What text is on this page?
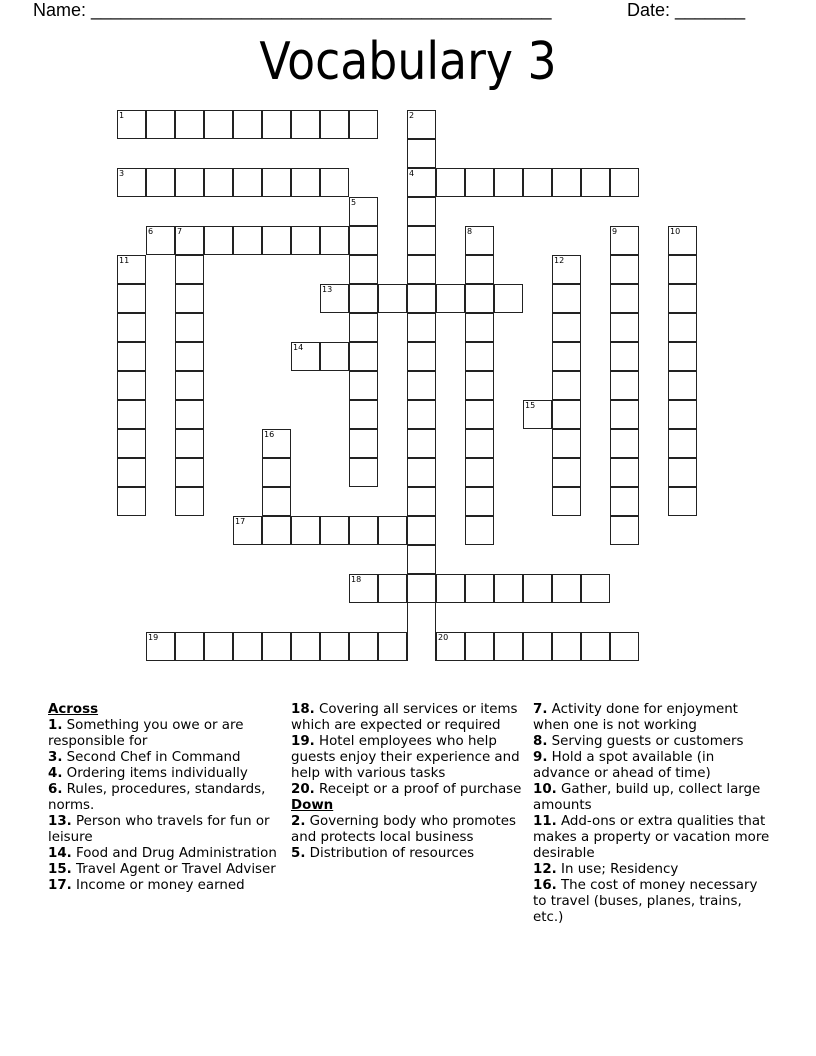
Name: ______________________________________________	Date: _______
Vocabulary 3
1	2
4
3
5
6	7	8	9	10
11	12
13
14
15
16
17
18
19	20
Across
1. Something you owe or are responsible for
3. Second Chef in Command
4. Ordering items individually
6. Rules, procedures, standards, norms.
13. Person who travels for fun or leisure
14. Food and Drug Administration
15. Travel Agent or Travel Adviser
17. Income or money earned
18. Covering all services or items which are expected or required
19. Hotel employees who help guests enjoy their experience and help with various tasks
20. Receipt or a proof of purchase
Down
2. Governing body who promotes and protects local business
5. Distribution of resources
7. Activity done for enjoyment when one is not working
8. Serving guests or customers
9. Hold a spot available (in advance or ahead of time)
10. Gather, build up, collect large amounts
11. Add-ons or extra qualities that makes a property or vacation more desirable
12. In use; Residency
16. The cost of money necessary to travel (buses, planes, trains, etc.)
